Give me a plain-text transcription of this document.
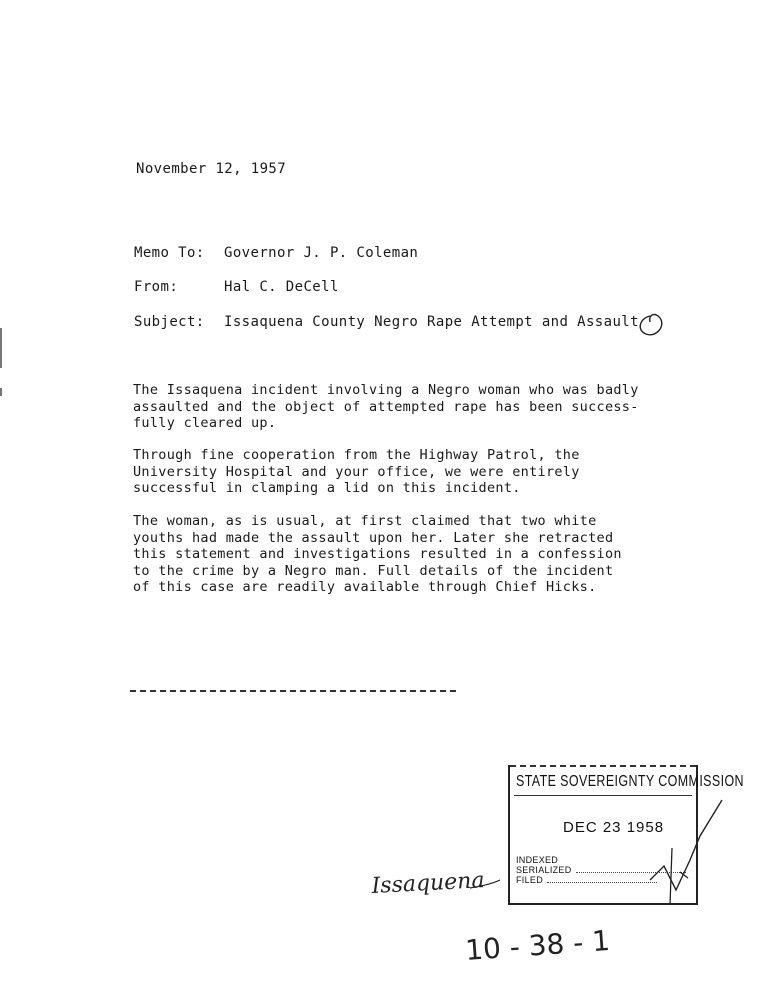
November 12, 1957
Memo To: Governor J. P. Coleman
From:	Hal C. DeCell
Subject: Issaquena County Negro Rape Attempt and Assault
The Issaquena incident involving a Negro woman who was badly
assaulted and the object of attempted rape has been success-
fully cleared up.
Through fine cooperation from the Highway Patrol, the
University Hospital and your office, we were entirely
successful in clamping a lid on this incident.
The woman, as is usual, at first claimed that two white
youths had made the assault upon her. Later she retracted
this statement and investigations resulted in a confession
to the crime by a Negro man. Full details of the incident
of this case are readily available through Chief Hicks.
STATE SOVEREIGNTY COMMISSION
DEC 23 1958
INDEXED
SERIALIZED
FILED
Issaquena
10 - 38 - 1
